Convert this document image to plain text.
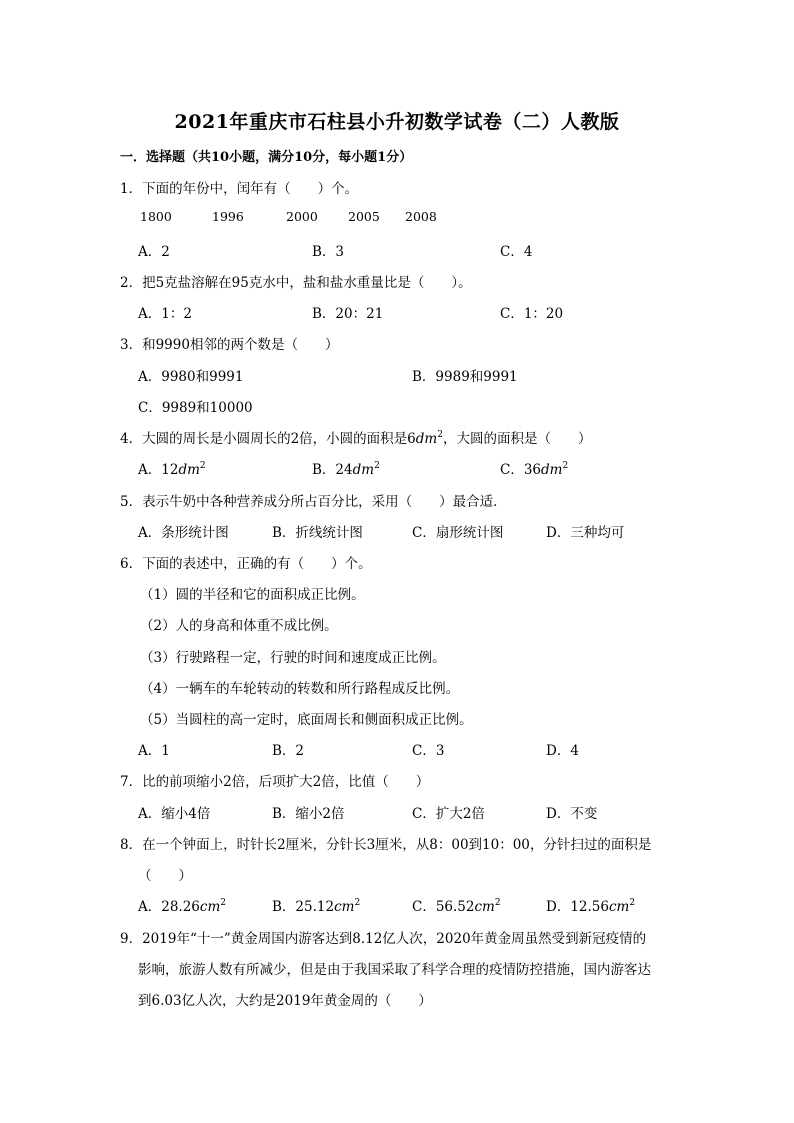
2021年重庆市石柱县小升初数学试卷（二）人教版
一．选择题（共10小题，满分10分，每小题1分）
1．下面的年份中，闰年有（　　）个。
1800	1996	2000 2005 2008
A．2	B．3	C．4
2．把5克盐溶解在95克水中，盐和盐水重量比是（　　）。
A．1：2	B．20：21	C．1：20
3．和9990相邻的两个数是（　　）
A．9980和9991	B．9989和9991
C．9989和10000
4．大圆的周长是小圆周长的2倍，小圆的面积是$6dm^2$，大圆的面积是（　　）
A．$12dm^2$	B．$24dm^2$	C．$36dm^2$
5．表示牛奶中各种营养成分所占百分比，采用（　　）最合适．
A．条形统计图	B．折线统计图	C．扇形统计图	D．三种均可
6．下面的表述中，正确的有（　　）个。
（1）圆的半径和它的面积成正比例。
（2）人的身高和体重不成比例。
（3）行驶路程一定，行驶的时间和速度成正比例。
（4）一辆车的车轮转动的转数和所行路程成反比例。
（5）当圆柱的高一定时，底面周长和侧面积成正比例。
A．1	B．2	C．3	D．4
7．比的前项缩小2倍，后项扩大2倍，比值（　　）
A．缩小4倍	B．缩小2倍	C．扩大2倍	D．不变
8．在一个钟面上，时针长2厘米，分针长3厘米，从8：00到10：00，分针扫过的面积是
（　　）
A．$28.26cm^2$	B．$25.12cm^2$	C．$56.52cm^2$	D．$12.56cm^2$
9．2019年“十一”黄金周国内游客达到8.12亿人次，2020年黄金周虽然受到新冠疫情的
影响，旅游人数有所减少，但是由于我国采取了科学合理的疫情防控措施，国内游客达
到6.03亿人次，大约是2019年黄金周的（　　）
